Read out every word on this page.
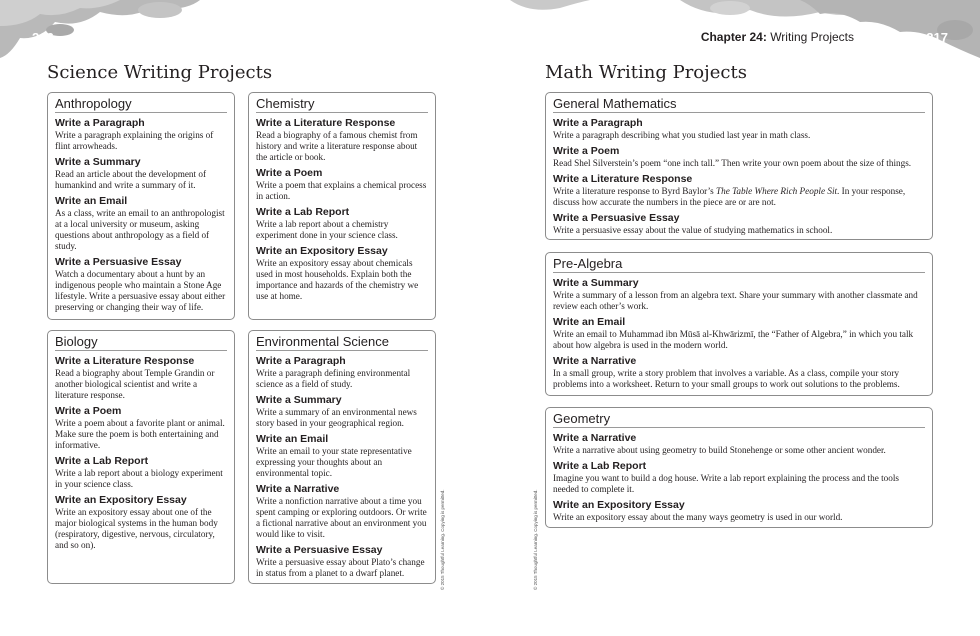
216	217
Chapter 24: Writing Projects
Science Writing Projects	Math Writing Projects
Anthropology
Write a Paragraph
Write a paragraph explaining the origins of flint arrowheads.
Write a Summary
Read an article about the development of humankind and write a summary of it.
Write an Email
As a class, write an email to an anthropologist at a local university or museum, asking questions about anthropology as a field of study.
Write a Persuasive Essay
Watch a documentary about a hunt by an indigenous people who maintain a Stone Age lifestyle. Write a persuasive essay about either preserving or changing their way of life.
Chemistry
Write a Literature Response
Read a biography of a famous chemist from history and write a literature response about the article or book.
Write a Poem
Write a poem that explains a chemical process in action.
Write a Lab Report
Write a lab report about a chemistry experiment done in your science class.
Write an Expository Essay
Write an expository essay about chemicals used in most households. Explain both the importance and hazards of the chemistry we use at home.
Biology
Write a Literature Response
Read a biography about Temple Grandin or another biological scientist and write a literature response.
Write a Poem
Write a poem about a favorite plant or animal. Make sure the poem is both entertaining and informative.
Write a Lab Report
Write a lab report about a biology experiment in your science class.
Write an Expository Essay
Write an expository essay about one of the major biological systems in the human body (respiratory, digestive, nervous, circulatory, and so on).
Environmental Science
Write a Paragraph
Write a paragraph defining environmental science as a field of study.
Write a Summary
Write a summary of an environmental news story based in your geographical region.
Write an Email
Write an email to your state representative expressing your thoughts about an environmental topic.
Write a Narrative
Write a nonfiction narrative about a time you spent camping or exploring outdoors. Or write a fictional narrative about an environment you would like to visit.
Write a Persuasive Essay
Write a persuasive essay about Plato’s change in status from a planet to a dwarf planet.
General Mathematics
Write a Paragraph
Write a paragraph describing what you studied last year in math class.
Write a Poem
Read Shel Silverstein’s poem “one inch tall.” Then write your own poem about the size of things.
Write a Literature Response
Write a literature response to Byrd Baylor’s The Table Where Rich People Sit. In your response, discuss how accurate the numbers in the piece are or are not.
Write a Persuasive Essay
Write a persuasive essay about the value of studying mathematics in school.
Pre-Algebra
Write a Summary
Write a summary of a lesson from an algebra text. Share your summary with another classmate and review each other’s work.
Write an Email
Write an email to Muhammad ibn Mūsā al-Khwārizmī, the “Father of Algebra,” in which you talk about how algebra is used in the modern world.
Write a Narrative
In a small group, write a story problem that involves a variable. As a class, compile your story problems into a worksheet. Return to your small groups to work out solutions to the problems.
Geometry
Write a Narrative
Write a narrative about using geometry to build Stonehenge or some other ancient wonder.
Write a Lab Report
Imagine you want to build a dog house. Write a lab report explaining the process and the tools needed to complete it.
Write an Expository Essay
Write an expository essay about the many ways geometry is used in our world.
© 2015 Thoughtful Learning. Copying is permitted.	© 2015 Thoughtful Learning. Copying is permitted.
